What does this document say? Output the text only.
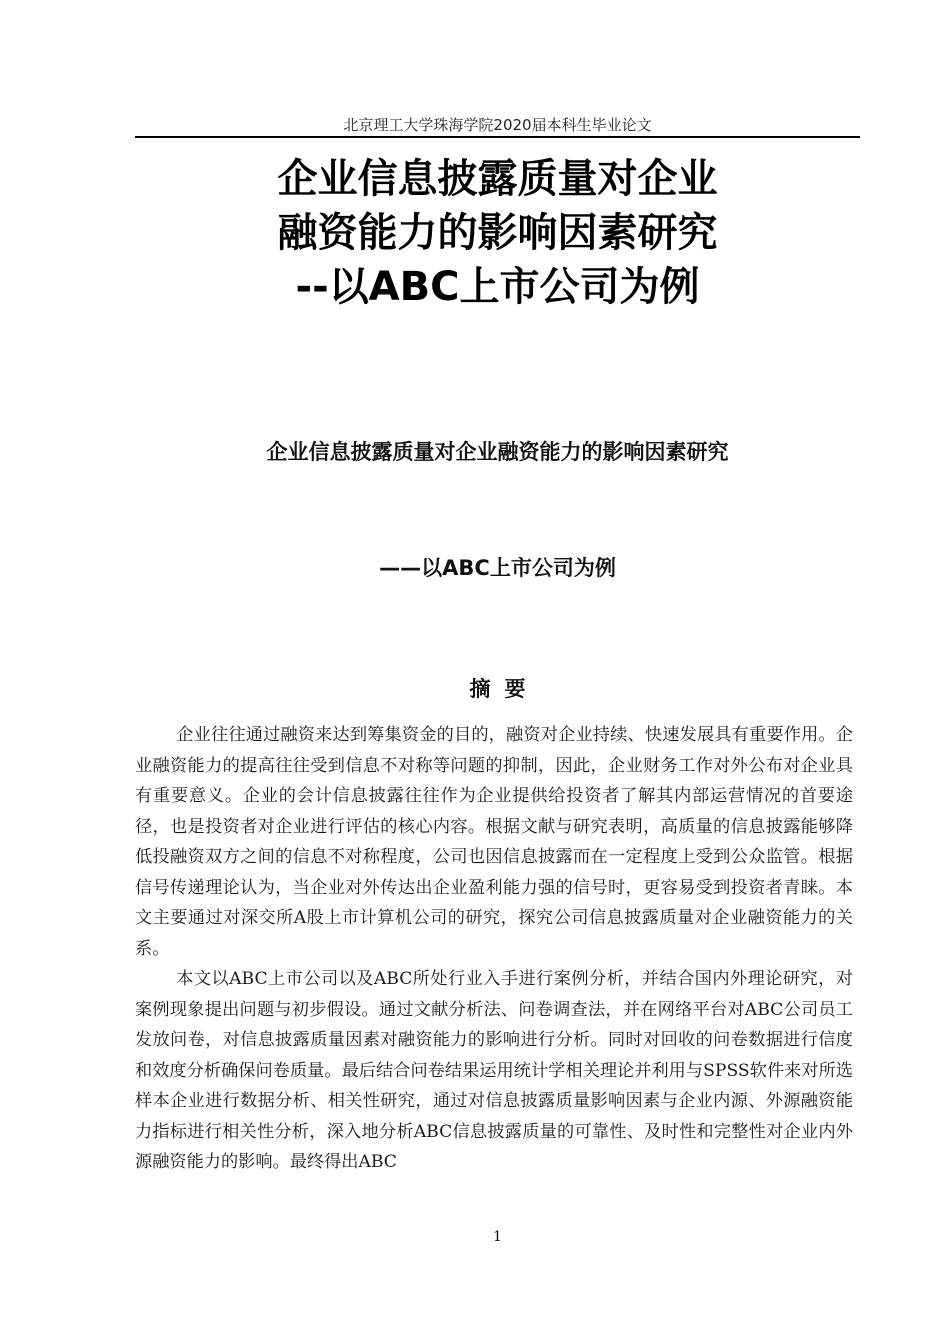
北京理工大学珠海学院2020届本科生毕业论文
企业信息披露质量对企业
融资能力的影响因素研究
--以ABC上市公司为例
企业信息披露质量对企业融资能力的影响因素研究
——以ABC上市公司为例
摘要

企业往往通过融资来达到筹集资金的目的，融资对企业持续、快速发展具有重要作用。企业融资能力的提高往往受到信息不对称等问题的抑制，因此，企业财务工作对外公布对企业具有重要意义。企业的会计信息披露往往作为企业提供给投资者了解其内部运营情况的首要途径，也是投资者对企业进行评估的核心内容。根据文献与研究表明，高质量的信息披露能够降低投融资双方之间的信息不对称程度，公司也因信息披露而在一定程度上受到公众监管。根据信号传递理论认为，当企业对外传达出企业盈利能力强的信号时，更容易受到投资者青睐。本文主要通过对深交所A股上市计算机公司的研究，探究公司信息披露质量对企业融资能力的关系。

本文以ABC上市公司以及ABC所处行业入手进行案例分析，并结合国内外理论研究，对案例现象提出问题与初步假设。通过文献分析法、问卷调查法，并在网络平台对ABC公司员工发放问卷，对信息披露质量因素对融资能力的影响进行分析。同时对回收的问卷数据进行信度和效度分析确保问卷质量。最后结合问卷结果运用统计学相关理论并利用与SPSS软件来对所选样本企业进行数据分析、相关性研究，通过对信息披露质量影响因素与企业内源、外源融资能力指标进行相关性分析，深入地分析ABC信息披露质量的可靠性、及时性和完整性对企业内外源融资能力的影响。最终得出ABC

1
